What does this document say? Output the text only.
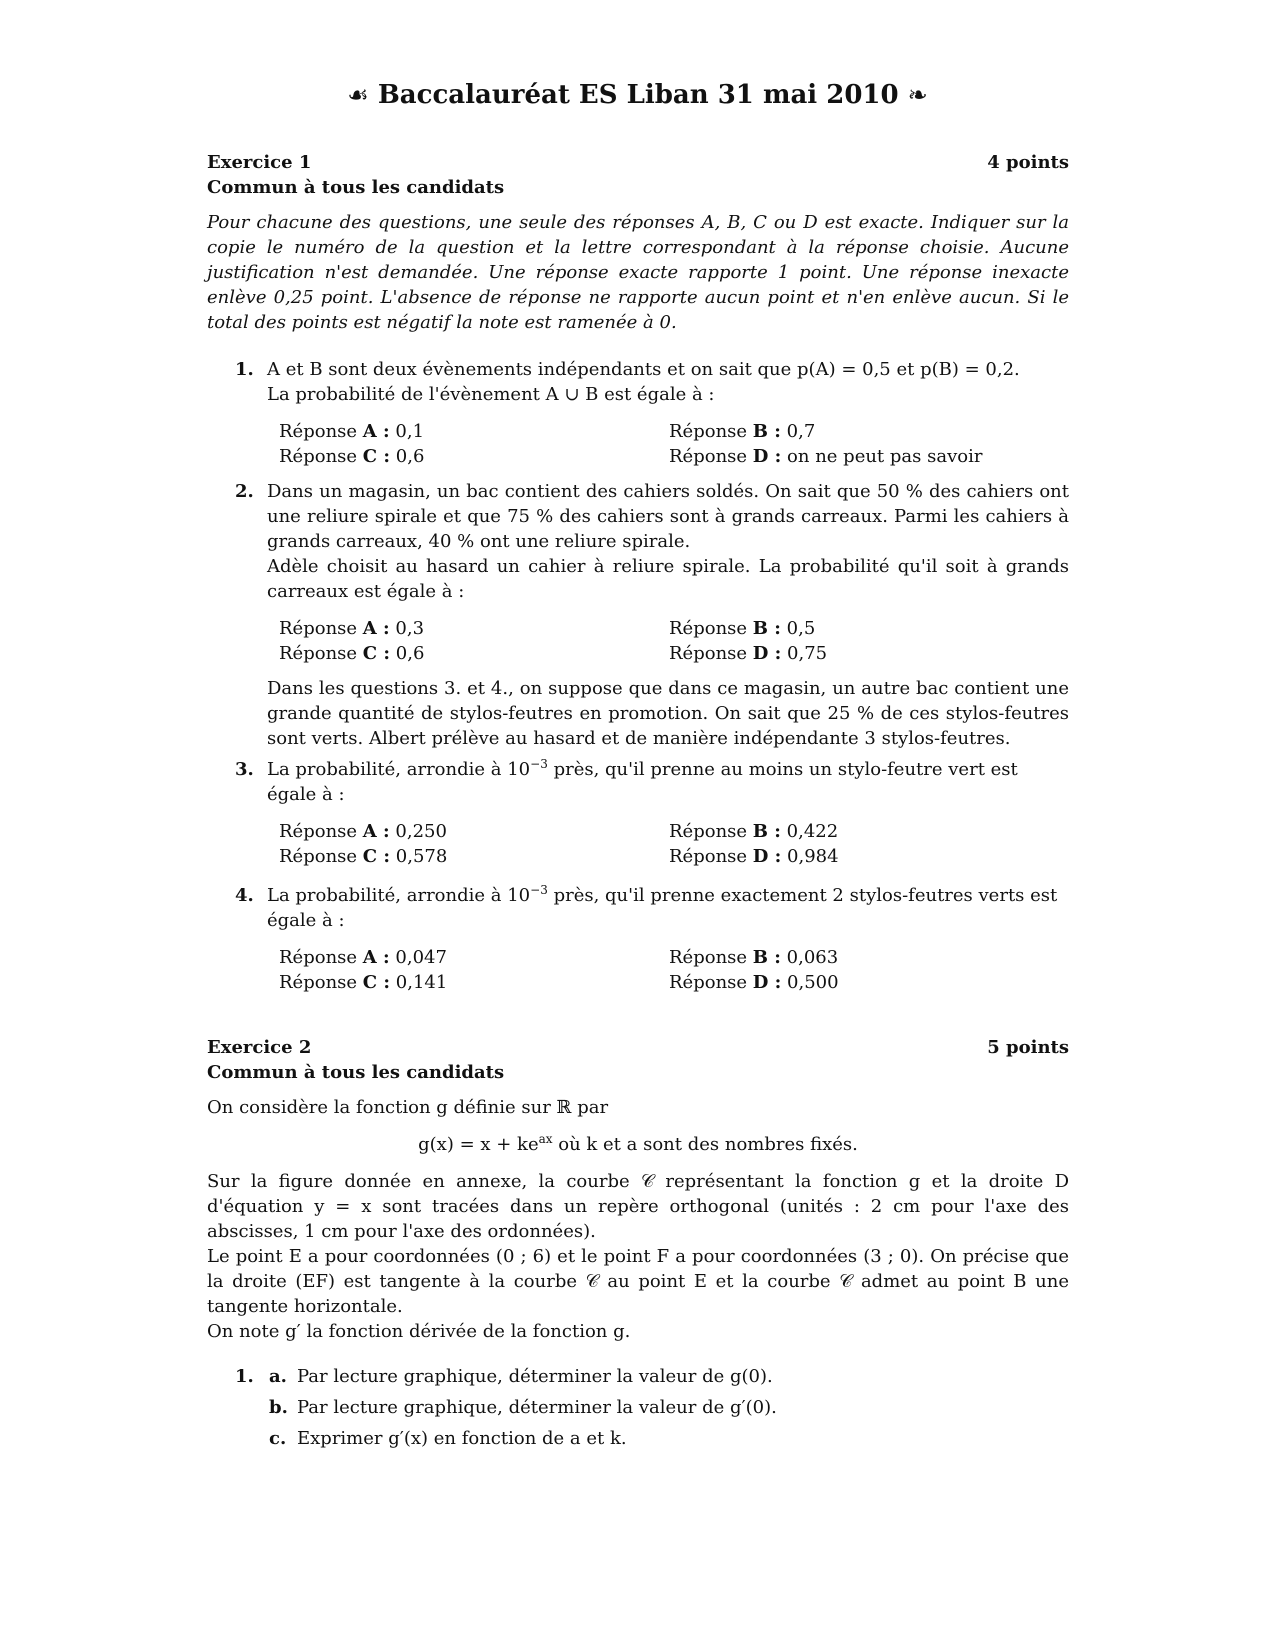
☙ Baccalauréat ES Liban 31 mai 2010 ❧
Exercice 1	4 points
Commun à tous les candidats
Pour chacune des questions, une seule des réponses A, B, C ou D est exacte. Indiquer sur la copie le numéro de la question et la lettre correspondant à la réponse choisie. Aucune justification n'est demandée. Une réponse exacte rapporte 1 point. Une réponse inexacte enlève 0,25 point. L'absence de réponse ne rapporte aucun point et n'en enlève aucun. Si le total des points est négatif la note est ramenée à 0.
1. A et B sont deux évènements indépendants et on sait que p(A) = 0,5 et p(B) = 0,2.
La probabilité de l'évènement A ∪ B est égale à :
Réponse A : 0,1	Réponse B : 0,7
Réponse C : 0,6	Réponse D : on ne peut pas savoir
2. Dans un magasin, un bac contient des cahiers soldés. On sait que 50 % des cahiers ont une reliure spirale et que 75 % des cahiers sont à grands carreaux. Parmi les cahiers à grands carreaux, 40 % ont une reliure spirale.
Adèle choisit au hasard un cahier à reliure spirale. La probabilité qu'il soit à grands carreaux est égale à :
Réponse A : 0,3	Réponse B : 0,5
Réponse C : 0,6	Réponse D : 0,75
Dans les questions 3. et 4., on suppose que dans ce magasin, un autre bac contient une grande quantité de stylos-feutres en promotion. On sait que 25 % de ces stylos-feutres sont verts. Albert prélève au hasard et de manière indépendante 3 stylos-feutres.
3. La probabilité, arrondie à $10^{-3}$ près, qu'il prenne au moins un stylo-feutre vert est égale à :
Réponse A : 0,250	Réponse B : 0,422
Réponse C : 0,578	Réponse D : 0,984
4. La probabilité, arrondie à $10^{-3}$ près, qu'il prenne exactement 2 stylos-feutres verts est égale à :
Réponse A : 0,047	Réponse B : 0,063
Réponse C : 0,141	Réponse D : 0,500
Exercice 2	5 points
Commun à tous les candidats
On considère la fonction g définie sur ℝ par
$g(x) = x + ke^{ax}$ où k et a sont des nombres fixés.
Sur la figure donnée en annexe, la courbe 𝒞 représentant la fonction g et la droite D d'équation y = x sont tracées dans un repère orthogonal (unités : 2 cm pour l'axe des abscisses, 1 cm pour l'axe des ordonnées).
Le point E a pour coordonnées (0 ; 6) et le point F a pour coordonnées (3 ; 0). On précise que la droite (EF) est tangente à la courbe 𝒞 au point E et la courbe 𝒞 admet au point B une tangente horizontale.
On note g′ la fonction dérivée de la fonction g.
1. a. Par lecture graphique, déterminer la valeur de g(0).
b. Par lecture graphique, déterminer la valeur de g′(0).
c. Exprimer g′(x) en fonction de a et k.
